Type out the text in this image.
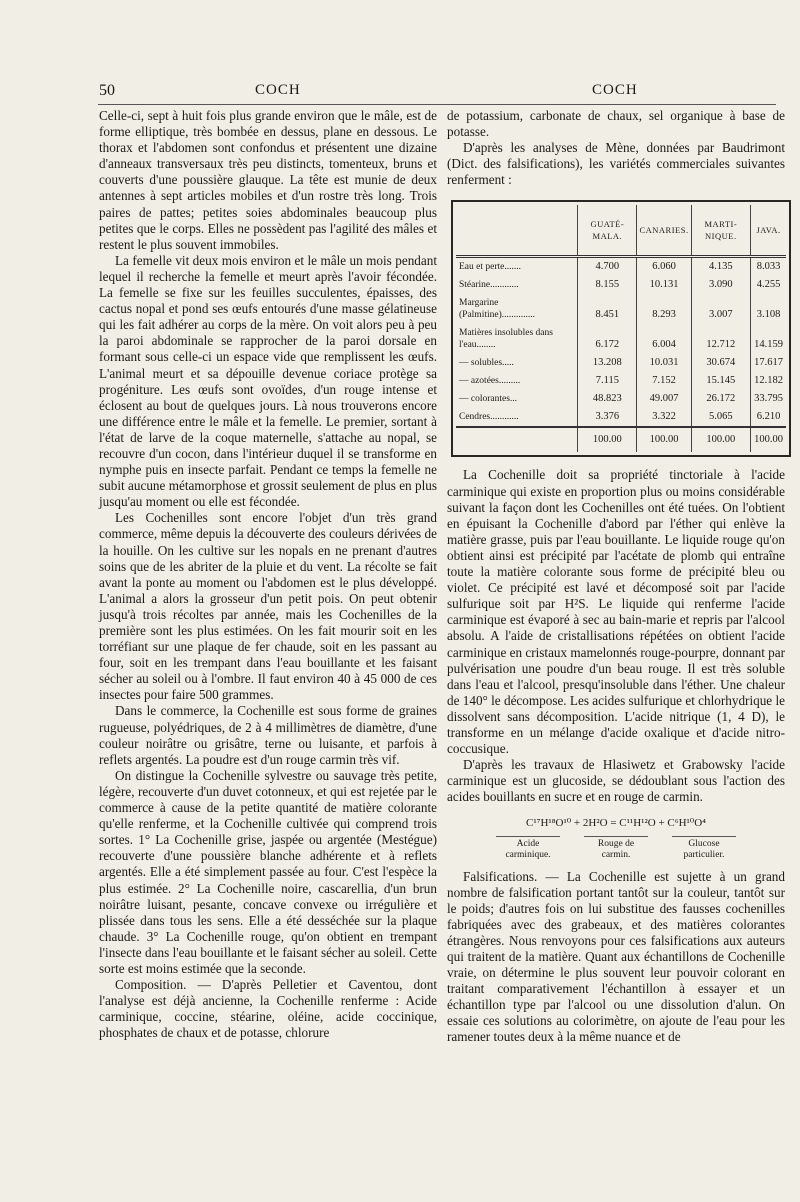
50	COCH	COCH

Celle-ci, sept à huit fois plus grande environ que le mâle, est de forme elliptique, très bombée en dessus, plane en dessous. Le thorax et l'abdomen sont confondus et présentent une dizaine d'anneaux transversaux très peu distincts, tomenteux, bruns et couverts d'une poussière glauque. La tête est munie de deux antennes à sept articles mobiles et d'un rostre très long. Trois paires de pattes; petites soies abdominales beaucoup plus petites que le corps. Elles ne possèdent pas l'agilité des mâles et restent le plus souvent immobiles.

La femelle vit deux mois environ et le mâle un mois pendant lequel il recherche la femelle et meurt après l'avoir fécondée. La femelle se fixe sur les feuilles succulentes, épaisses, des cactus nopal et pond ses œufs entourés d'une masse gélatineuse qui les fait adhérer au corps de la mère. On voit alors peu à peu la paroi abdominale se rapprocher de la paroi dorsale en formant sous celle-ci un espace vide que remplissent les œufs. L'animal meurt et sa dépouille devenue coriace protège sa progéniture. Les œufs sont ovoïdes, d'un rouge intense et éclosent au bout de quelques jours. Là nous trouverons encore une différence entre le mâle et la femelle. Le premier, sortant à l'état de larve de la coque maternelle, s'attache au nopal, se recouvre d'un cocon, dans l'intérieur duquel il se transforme en nymphe puis en insecte parfait. Pendant ce temps la femelle ne subit aucune métamorphose et grossit seulement de plus en plus jusqu'au moment ou elle est fécondée.

Les Cochenilles sont encore l'objet d'un très grand commerce, même depuis la découverte des couleurs dérivées de la houille. On les cultive sur les nopals en ne prenant d'autres soins que de les abriter de la pluie et du vent. La récolte se fait avant la ponte au moment ou l'abdomen est le plus développé. L'animal a alors la grosseur d'un petit pois. On peut obtenir jusqu'à trois récoltes par année, mais les Cochenilles de la première sont les plus estimées. On les fait mourir soit en les torréfiant sur une plaque de fer chaude, soit en les passant au four, soit en les trempant dans l'eau bouillante et les faisant sécher au soleil ou à l'ombre. Il faut environ 40 à 45 000 de ces insectes pour faire 500 grammes.

Dans le commerce, la Cochenille est sous forme de graines rugueuse, polyédriques, de 2 à 4 millimètres de diamètre, d'une couleur noirâtre ou grisâtre, terne ou luisante, et parfois à reflets argentés. La poudre est d'un rouge carmin très vif.

On distingue la Cochenille sylvestre ou sauvage très petite, légère, recouverte d'un duvet cotonneux, et qui est rejetée par le commerce à cause de la petite quantité de matière colorante qu'elle renferme, et la Cochenille cultivée qui comprend trois sortes. 1° La Cochenille grise, jaspée ou argentée (Mestégue) recouverte d'une poussière blanche adhérente et à reflets argentés. Elle a été simplement passée au four. C'est l'espèce la plus estimée. 2° La Cochenille noire, cascarellia, d'un brun noirâtre luisant, pesante, concave convexe ou irrégulière et plissée dans tous les sens. Elle a été desséchée sur la plaque chaude. 3° La Cochenille rouge, qu'on obtient en trempant l'insecte dans l'eau bouillante et le faisant sécher au soleil. Cette sorte est moins estimée que la seconde.

Composition. — D'après Pelletier et Caventou, dont l'analyse est déjà ancienne, la Cochenille renferme : Acide carminique, coccine, stéarine, oléine, acide coccinique, phosphates de chaux et de potasse, chlorure

de potassium, carbonate de chaux, sel organique à base de potasse.

D'après les analyses de Mène, données par Baudrimont (Dict. des falsifications), les variétés commerciales suivantes renferment :

	GUATÉ-MALA.	CANARIES.	MARTI-NIQUE.	JAVA.
Eau et perte.......	4.700	6.060	4.135	8.033
Stéarine............	8.155	10.131	3.090	4.255
Margarine (Palmitine)..............	8.451	8.293	3.007	3.108
Matières insolubles dans l'eau........	6.172	6.004	12.712	14.159
— solubles.....	13.208	10.031	30.674	17.617
— azotées.........	7.115	7.152	15.145	12.182
— colorantes...	48.823	49.007	26.172	33.795
Cendres............	3.376	3.322	5.065	6.210
	100.00	100.00	100.00	100.00

La Cochenille doit sa propriété tinctoriale à l'acide carminique qui existe en proportion plus ou moins considérable suivant la façon dont les Cochenilles ont été tuées. On l'obtient en épuisant la Cochenille d'abord par l'éther qui enlève la matière grasse, puis par l'eau bouillante. Le liquide rouge qu'on obtient ainsi est précipité par l'acétate de plomb qui entraîne toute la matière colorante sous forme de précipité bleu ou violet. Ce précipité est lavé et décomposé soit par l'acide sulfurique soit par H²S. Le liquide qui renferme l'acide carminique est évaporé à sec au bain-marie et repris par l'alcool absolu. A l'aide de cristallisations répétées on obtient l'acide carminique en cristaux mamelonnés rouge-pourpre, donnant par pulvérisation une poudre d'un beau rouge. Il est très soluble dans l'eau et l'alcool, presqu'insoluble dans l'éther. Une chaleur de 140° le décompose. Les acides sulfurique et chlorhydrique le dissolvent sans décomposition. L'acide nitrique (1, 4 D), le transforme en un mélange d'acide oxalique et d'acide nitro-coccusique.

D'après les travaux de Hlasiwetz et Grabowsky l'acide carminique est un glucoside, se dédoublant sous l'action des acides bouillants en sucre et en rouge de carmin.

C¹⁷H¹⁸O¹⁰ + 2H²O = C¹¹H¹²O + C⁶H¹⁰O⁴
Acide carminique.
Rouge de carmin.
Glucose particulier.

Falsifications. — La Cochenille est sujette à un grand nombre de falsification portant tantôt sur la couleur, tantôt sur le poids; d'autres fois on lui substitue des fausses cochenilles fabriquées avec des grabeaux, et des matières colorantes étrangères. Nous renvoyons pour ces falsifications aux auteurs qui traitent de la matière. Quant aux échantillons de Cochenille vraie, on détermine le plus souvent leur pouvoir colorant en traitant comparativement l'échantillon à essayer et un échantillon type par l'alcool ou une dissolution d'alun. On essaie ces solutions au colorimètre, on ajoute de l'eau pour les ramener toutes deux à la même nuance et de
